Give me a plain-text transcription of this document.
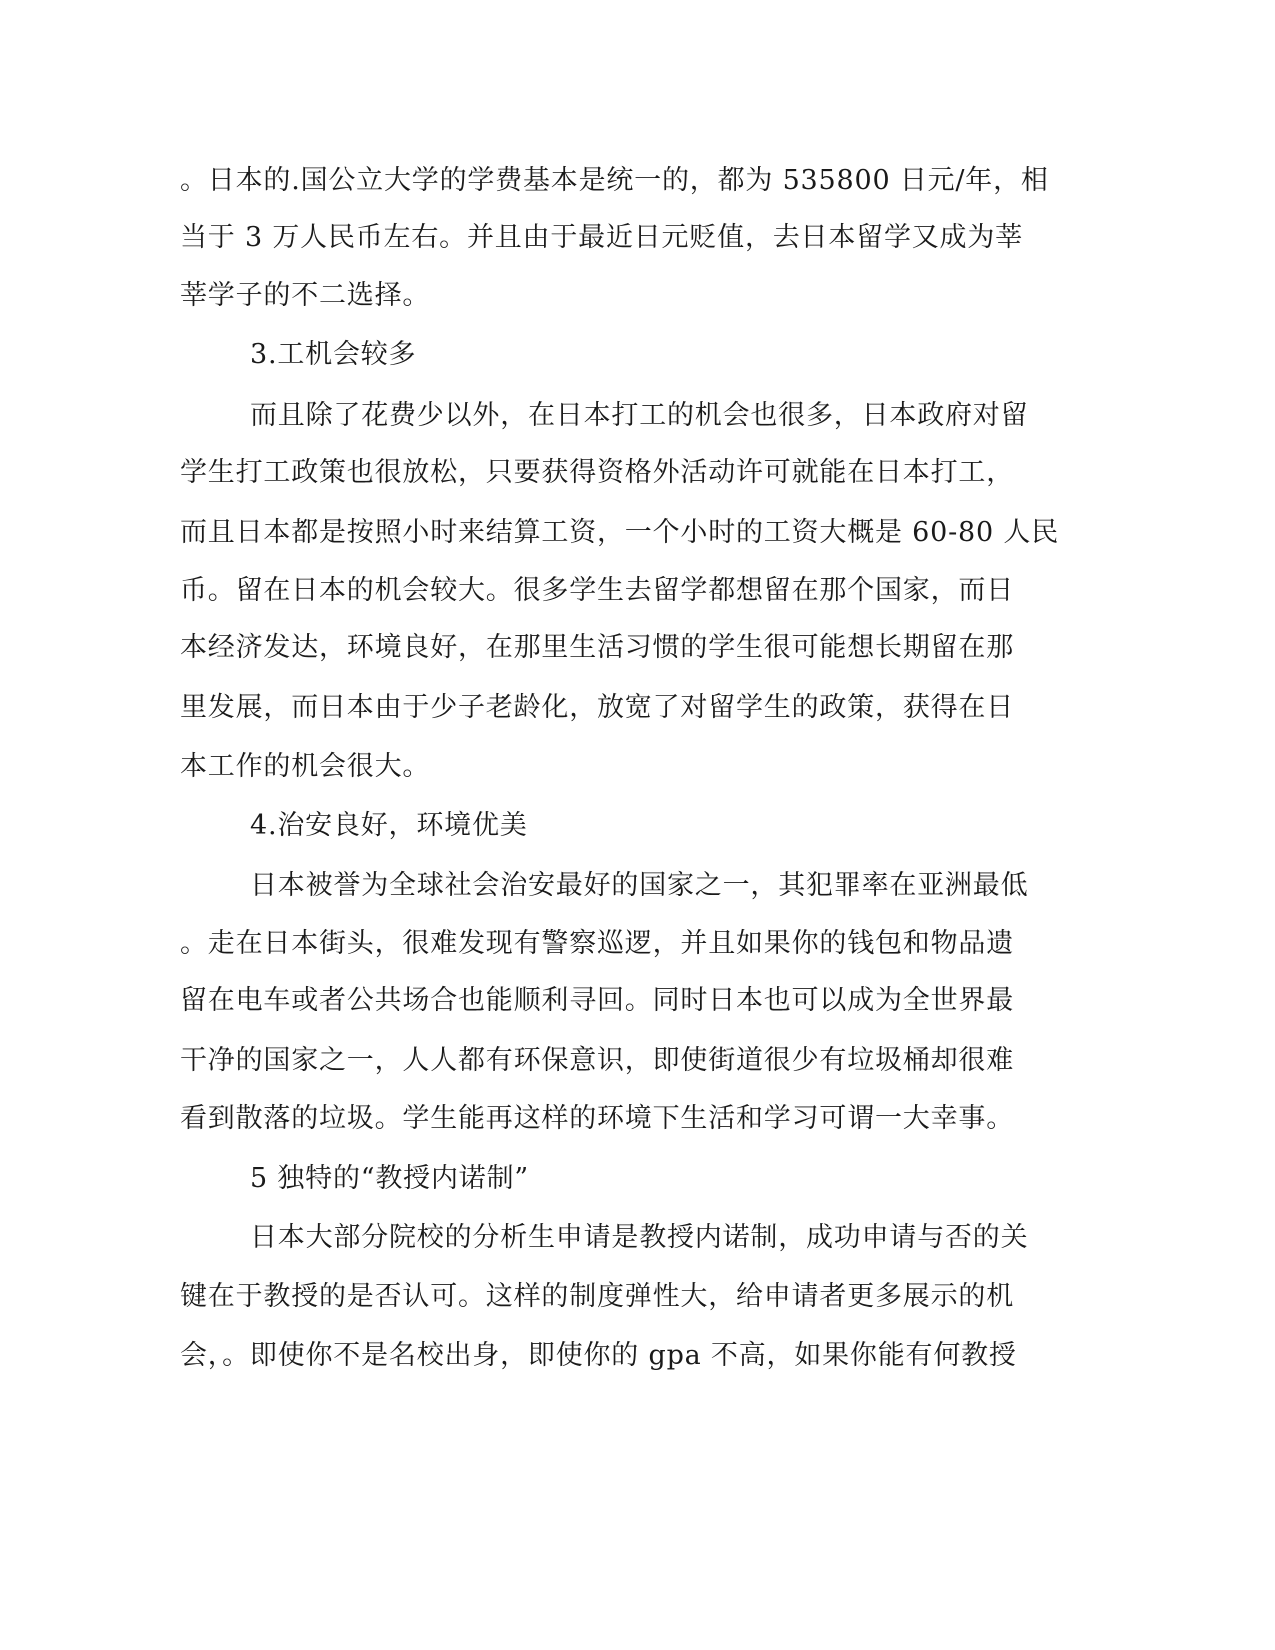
。日本的.国公立大学的学费基本是统一的，都为 535800 日元/年，相

当于 3 万人民币左右。并且由于最近日元贬值，去日本留学又成为莘

莘学子的不二选择。

3.工机会较多

而且除了花费少以外，在日本打工的机会也很多，日本政府对留

学生打工政策也很放松，只要获得资格外活动许可就能在日本打工，

而且日本都是按照小时来结算工资，一个小时的工资大概是 60-80 人民

币。留在日本的机会较大。很多学生去留学都想留在那个国家，而日

本经济发达，环境良好，在那里生活习惯的学生很可能想长期留在那

里发展，而日本由于少子老龄化，放宽了对留学生的政策，获得在日

本工作的机会很大。

4.治安良好，环境优美

日本被誉为全球社会治安最好的国家之一，其犯罪率在亚洲最低

。走在日本街头，很难发现有警察巡逻，并且如果你的钱包和物品遗

留在电车或者公共场合也能顺利寻回。同时日本也可以成为全世界最

干净的国家之一，人人都有环保意识，即使街道很少有垃圾桶却很难

看到散落的垃圾。学生能再这样的环境下生活和学习可谓一大幸事。

5 独特的“教授内诺制”

日本大部分院校的分析生申请是教授内诺制，成功申请与否的关

键在于教授的是否认可。这样的制度弹性大，给申请者更多展示的机

会，。即使你不是名校出身，即使你的 gpa 不高，如果你能有何教授
